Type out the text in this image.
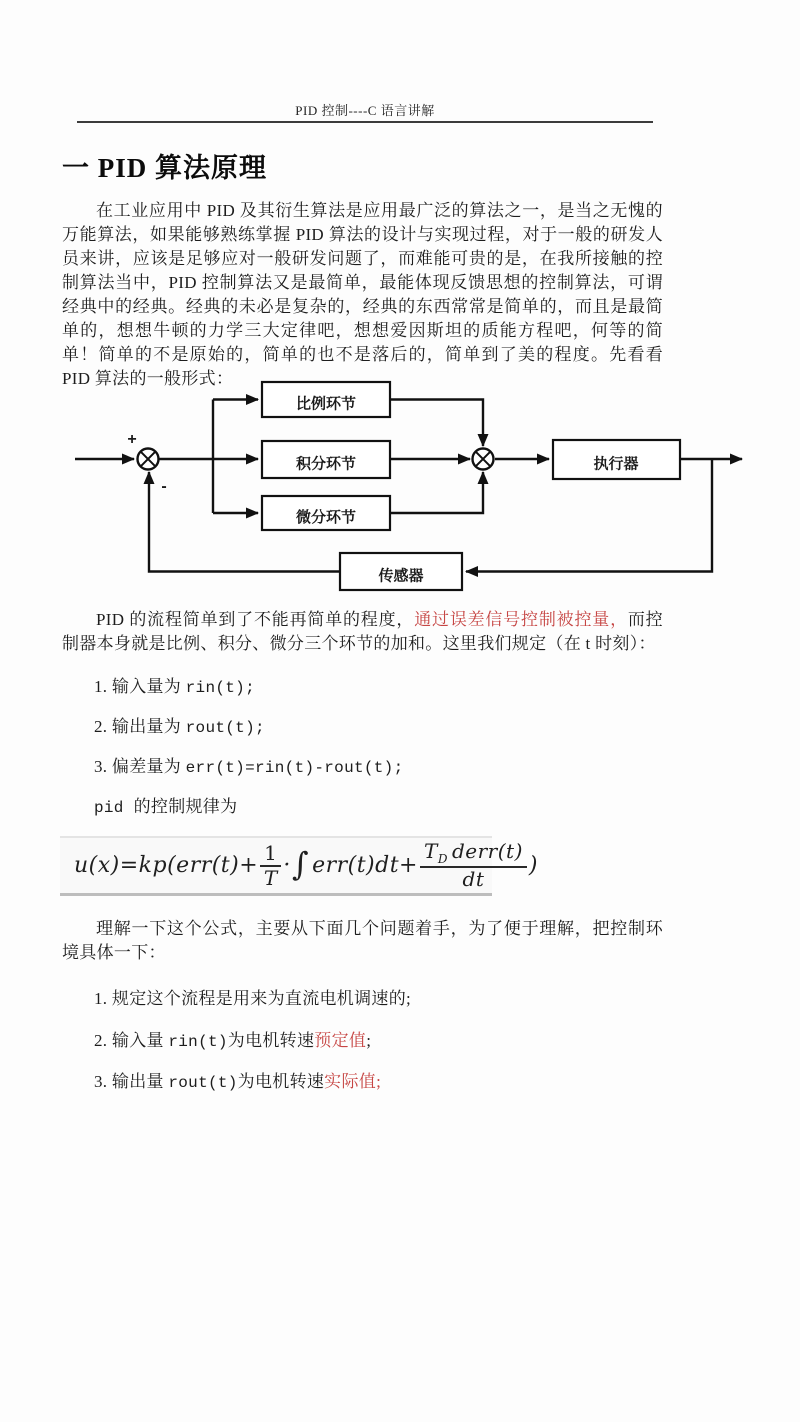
PID 控制----C 语言讲解
一 PID 算法原理
在工业应用中 PID 及其衍生算法是应用最广泛的算法之一，是当之无愧的万能算法，如果能够熟练掌握 PID 算法的设计与实现过程，对于一般的研发人员来讲，应该是足够应对一般研发问题了，而难能可贵的是，在我所接触的控制算法当中，PID 控制算法又是最简单，最能体现反馈思想的控制算法，可谓经典中的经典。经典的未必是复杂的，经典的东西常常是简单的，而且是最简单的，想想牛顿的力学三大定律吧，想想爱因斯坦的质能方程吧，何等的简单！简单的不是原始的，简单的也不是落后的，简单到了美的程度。先看看 PID 算法的一般形式：
+
-
比例环节
积分环节
微分环节
执行器
传感器
PID 的流程简单到了不能再简单的程度，通过误差信号控制被控量，而控制器本身就是比例、积分、微分三个环节的加和。这里我们规定（在 t 时刻）：
1. 输入量为 rin(t);
2. 输出量为 rout(t);
3. 偏差量为 err(t)=rin(t)-rout(t);
pid 的控制规律为
$u(x)=kp(err(t)+ \frac{1}{T}$ · ∫ $err(t)dt+ \frac{T_D derr(t)}{dt}$ )
理解一下这个公式，主要从下面几个问题着手，为了便于理解，把控制环境具体一下：
1. 规定这个流程是用来为直流电机调速的;
2. 输入量 rin(t)为电机转速预定值;
3. 输出量 rout(t)为电机转速实际值;
